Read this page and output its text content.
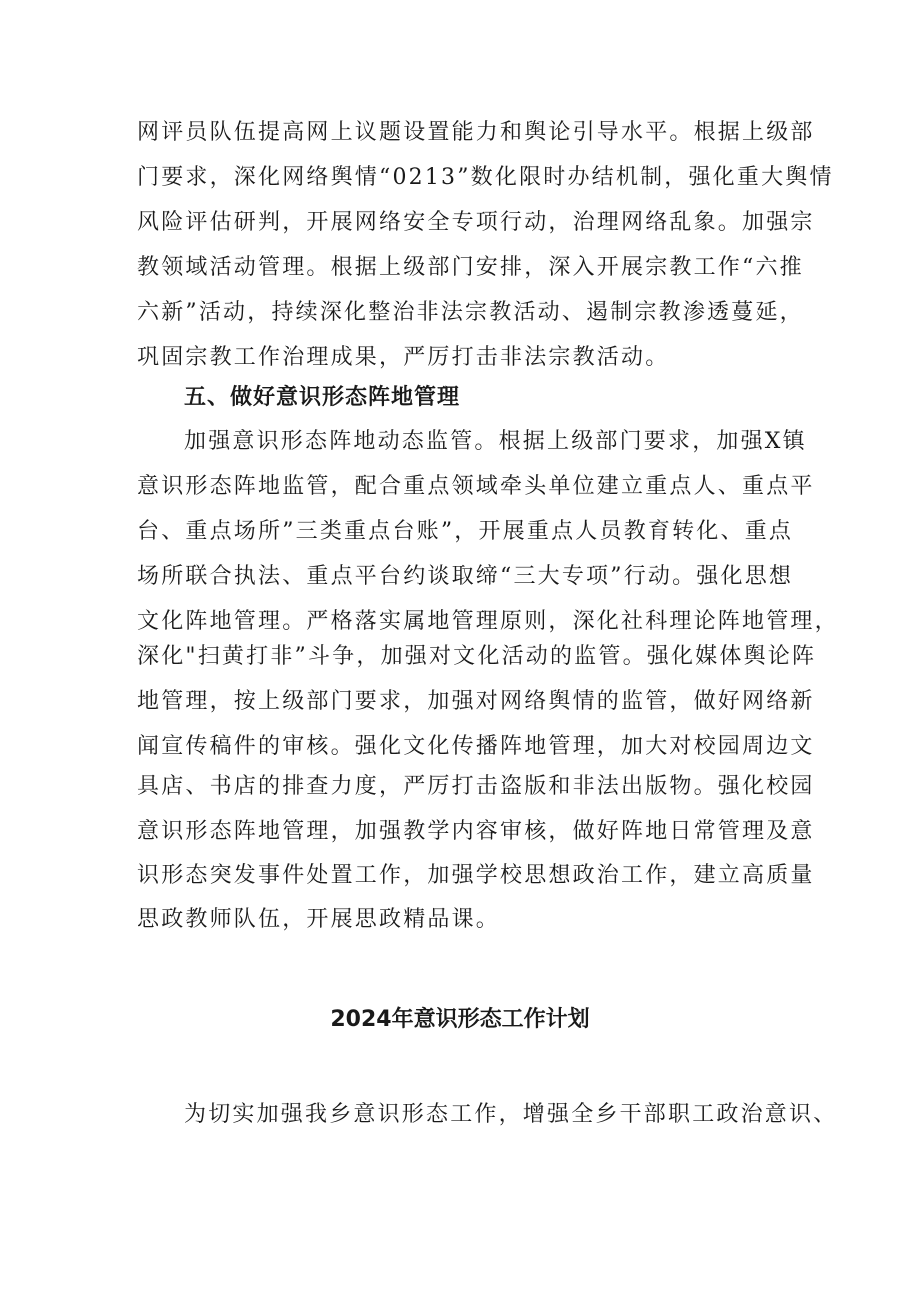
网评员队伍提高网上议题设置能力和舆论引导水平。根据上级部
门要求，深化网络舆情“0213”数化限时办结机制，强化重大舆情
风险评估研判，开展网络安全专项行动，治理网络乱象。加强宗
教领域活动管理。根据上级部门安排，深入开展宗教工作“六推
六新”活动，持续深化整治非法宗教活动、遏制宗教渗透蔓延，
巩固宗教工作治理成果，严厉打击非法宗教活动。
五、做好意识形态阵地管理
加强意识形态阵地动态监管。根据上级部门要求，加强X镇
意识形态阵地监管，配合重点领域牵头单位建立重点人、重点平
台、重点场所”三类重点台账”，开展重点人员教育转化、重点
场所联合执法、重点平台约谈取缔“三大专项”行动。强化思想
文化阵地管理。严格落实属地管理原则，深化社科理论阵地管理，
深化"扫黄打非”斗争，加强对文化活动的监管。强化媒体舆论阵
地管理，按上级部门要求，加强对网络舆情的监管，做好网络新
闻宣传稿件的审核。强化文化传播阵地管理，加大对校园周边文
具店、书店的排查力度，严厉打击盗版和非法出版物。强化校园
意识形态阵地管理，加强教学内容审核，做好阵地日常管理及意
识形态突发事件处置工作，加强学校思想政治工作，建立高质量
思政教师队伍，开展思政精品课。
2024年意识形态工作计划
为切实加强我乡意识形态工作，增强全乡干部职工政治意识、
